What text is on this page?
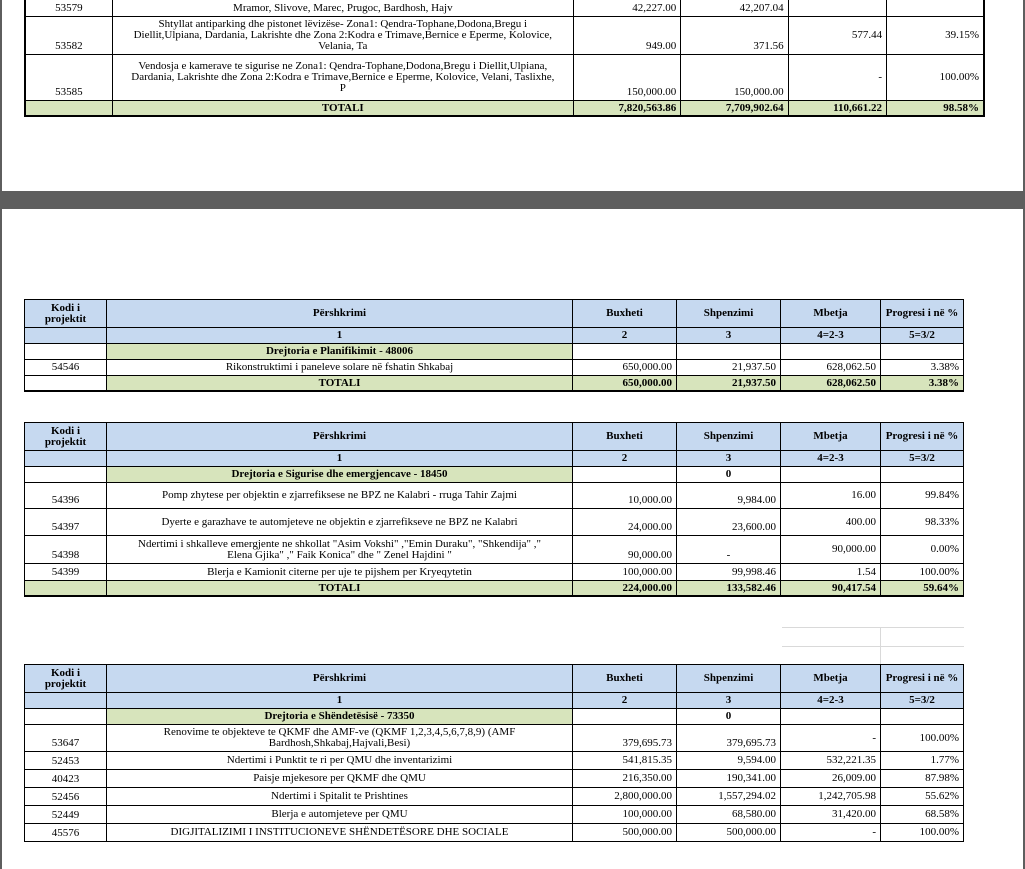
53579	Mramor, Slivove, Marec, Prugoc, Bardhosh, Hajv	42,227.00	42,207.04		
53582	Shtyllat antiparking dhe pistonet lëvizëse- Zona1: Qendra-Tophane,Dodona,Bregu i Diellit,Ulpiana, Dardania, Lakrishte dhe Zona 2:Kodra e Trimave,Bernice e Eperme, Kolovice, Velania, Ta	949.00	371.56	577.44	39.15%
53585	Vendosja e kamerave te sigurise ne Zona1: Qendra-Tophane,Dodona,Bregu i Diellit,Ulpiana, Dardania, Lakrishte dhe Zona 2:Kodra e Trimave,Bernice e Eperme, Kolovice, Velani, Taslixhe, P	150,000.00	150,000.00	-	100.00%
	TOTALI	7,820,563.86	7,709,902.64	110,661.22	98.58%
Kodi i projektit	Përshkrimi	Buxheti	Shpenzimi	Mbetja	Progresi i në %
	1	2	3	4=2-3	5=3/2
	Drejtoria e Planifikimit - 48006				
54546	Rikonstruktimi i paneleve solare në fshatin Shkabaj	650,000.00	21,937.50	628,062.50	3.38%
	TOTALI	650,000.00	21,937.50	628,062.50	3.38%
Kodi i projektit	Përshkrimi	Buxheti	Shpenzimi	Mbetja	Progresi i në %
	1	2	3	4=2-3	5=3/2
	Drejtoria e Sigurise dhe emergjencave - 18450		0		
54396	Pomp zhytese per objektin e zjarrefiksese ne BPZ ne Kalabri - rruga Tahir Zajmi	10,000.00	9,984.00	16.00	99.84%
54397	Dyerte e garazhave te automjeteve ne objektin e zjarrefikseve ne BPZ ne Kalabri	24,000.00	23,600.00	400.00	98.33%
54398	Ndertimi i shkalleve emergjente ne shkollat "Asim Vokshi" ,"Emin Duraku", "Shkendija" ," Elena Gjika" ," Faik Konica" dhe " Zenel Hajdini "	90,000.00	-	90,000.00	0.00%
54399	Blerja e Kamionit citerne per uje te pijshem per Kryeqytetin	100,000.00	99,998.46	1.54	100.00%
	TOTALI	224,000.00	133,582.46	90,417.54	59.64%
Kodi i projektit	Përshkrimi	Buxheti	Shpenzimi	Mbetja	Progresi i në %
	1	2	3	4=2-3	5=3/2
	Drejtoria e Shëndetësisë - 73350		0		
53647	Renovime te objekteve te QKMF dhe AMF-ve (QKMF 1,2,3,4,5,6,7,8,9) (AMF Bardhosh,Shkabaj,Hajvali,Besi)	379,695.73	379,695.73	-	100.00%
52453	Ndertimi i Punktit te ri per QMU dhe inventarizimi	541,815.35	9,594.00	532,221.35	1.77%
40423	Paisje mjekesore per QKMF dhe QMU	216,350.00	190,341.00	26,009.00	87.98%
52456	Ndertimi i Spitalit te Prishtines	2,800,000.00	1,557,294.02	1,242,705.98	55.62%
52449	Blerja e automjeteve per QMU	100,000.00	68,580.00	31,420.00	68.58%
45576	DIGJITALIZIMI I INSTITUCIONEVE SHËNDETËSORE DHE SOCIALE	500,000.00	500,000.00	-	100.00%
